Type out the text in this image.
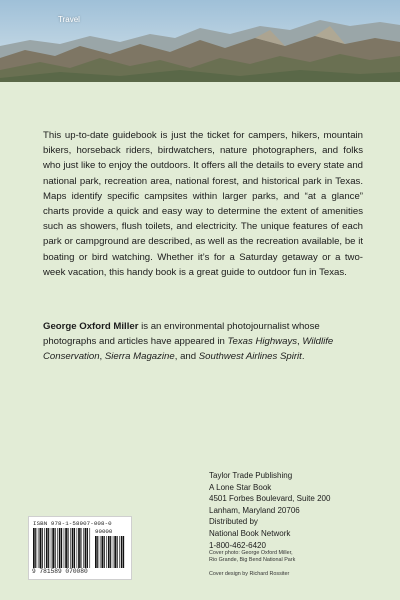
Travel
This up-to-date guidebook is just the ticket for campers, hikers, mountain bikers, horseback riders, birdwatchers, nature photographers, and folks who just like to enjoy the outdoors. It offers all the details to every state and national park, recreation area, national forest, and historical park in Texas. Maps identify specific campsites within larger parks, and “at a glance” charts provide a quick and easy way to determine the extent of amenities such as showers, flush toilets, and electricity. The unique features of each park or campground are described, as well as the recreation available, be it boating or bird watching. Whether it’s for a Saturday getaway or a two-week vacation, this handy book is a great guide to outdoor fun in Texas.
George Oxford Miller is an environmental photojournalist whose photographs and articles have appeared in Texas Highways, Wildlife Conservation, Sierra Magazine, and Southwest Airlines Spirit.
Taylor Trade Publishing
A Lone Star Book
4501 Forbes Boulevard, Suite 200
Lanham, Maryland 20706
Distributed by
National Book Network
1-800-462-6420
Cover photo: George Oxford Miller,
Rio Grande, Big Bend National Park
Cover design by Richard Rossiter
ISBN 978-1-58907-008-0
90000
9 781589 070080
